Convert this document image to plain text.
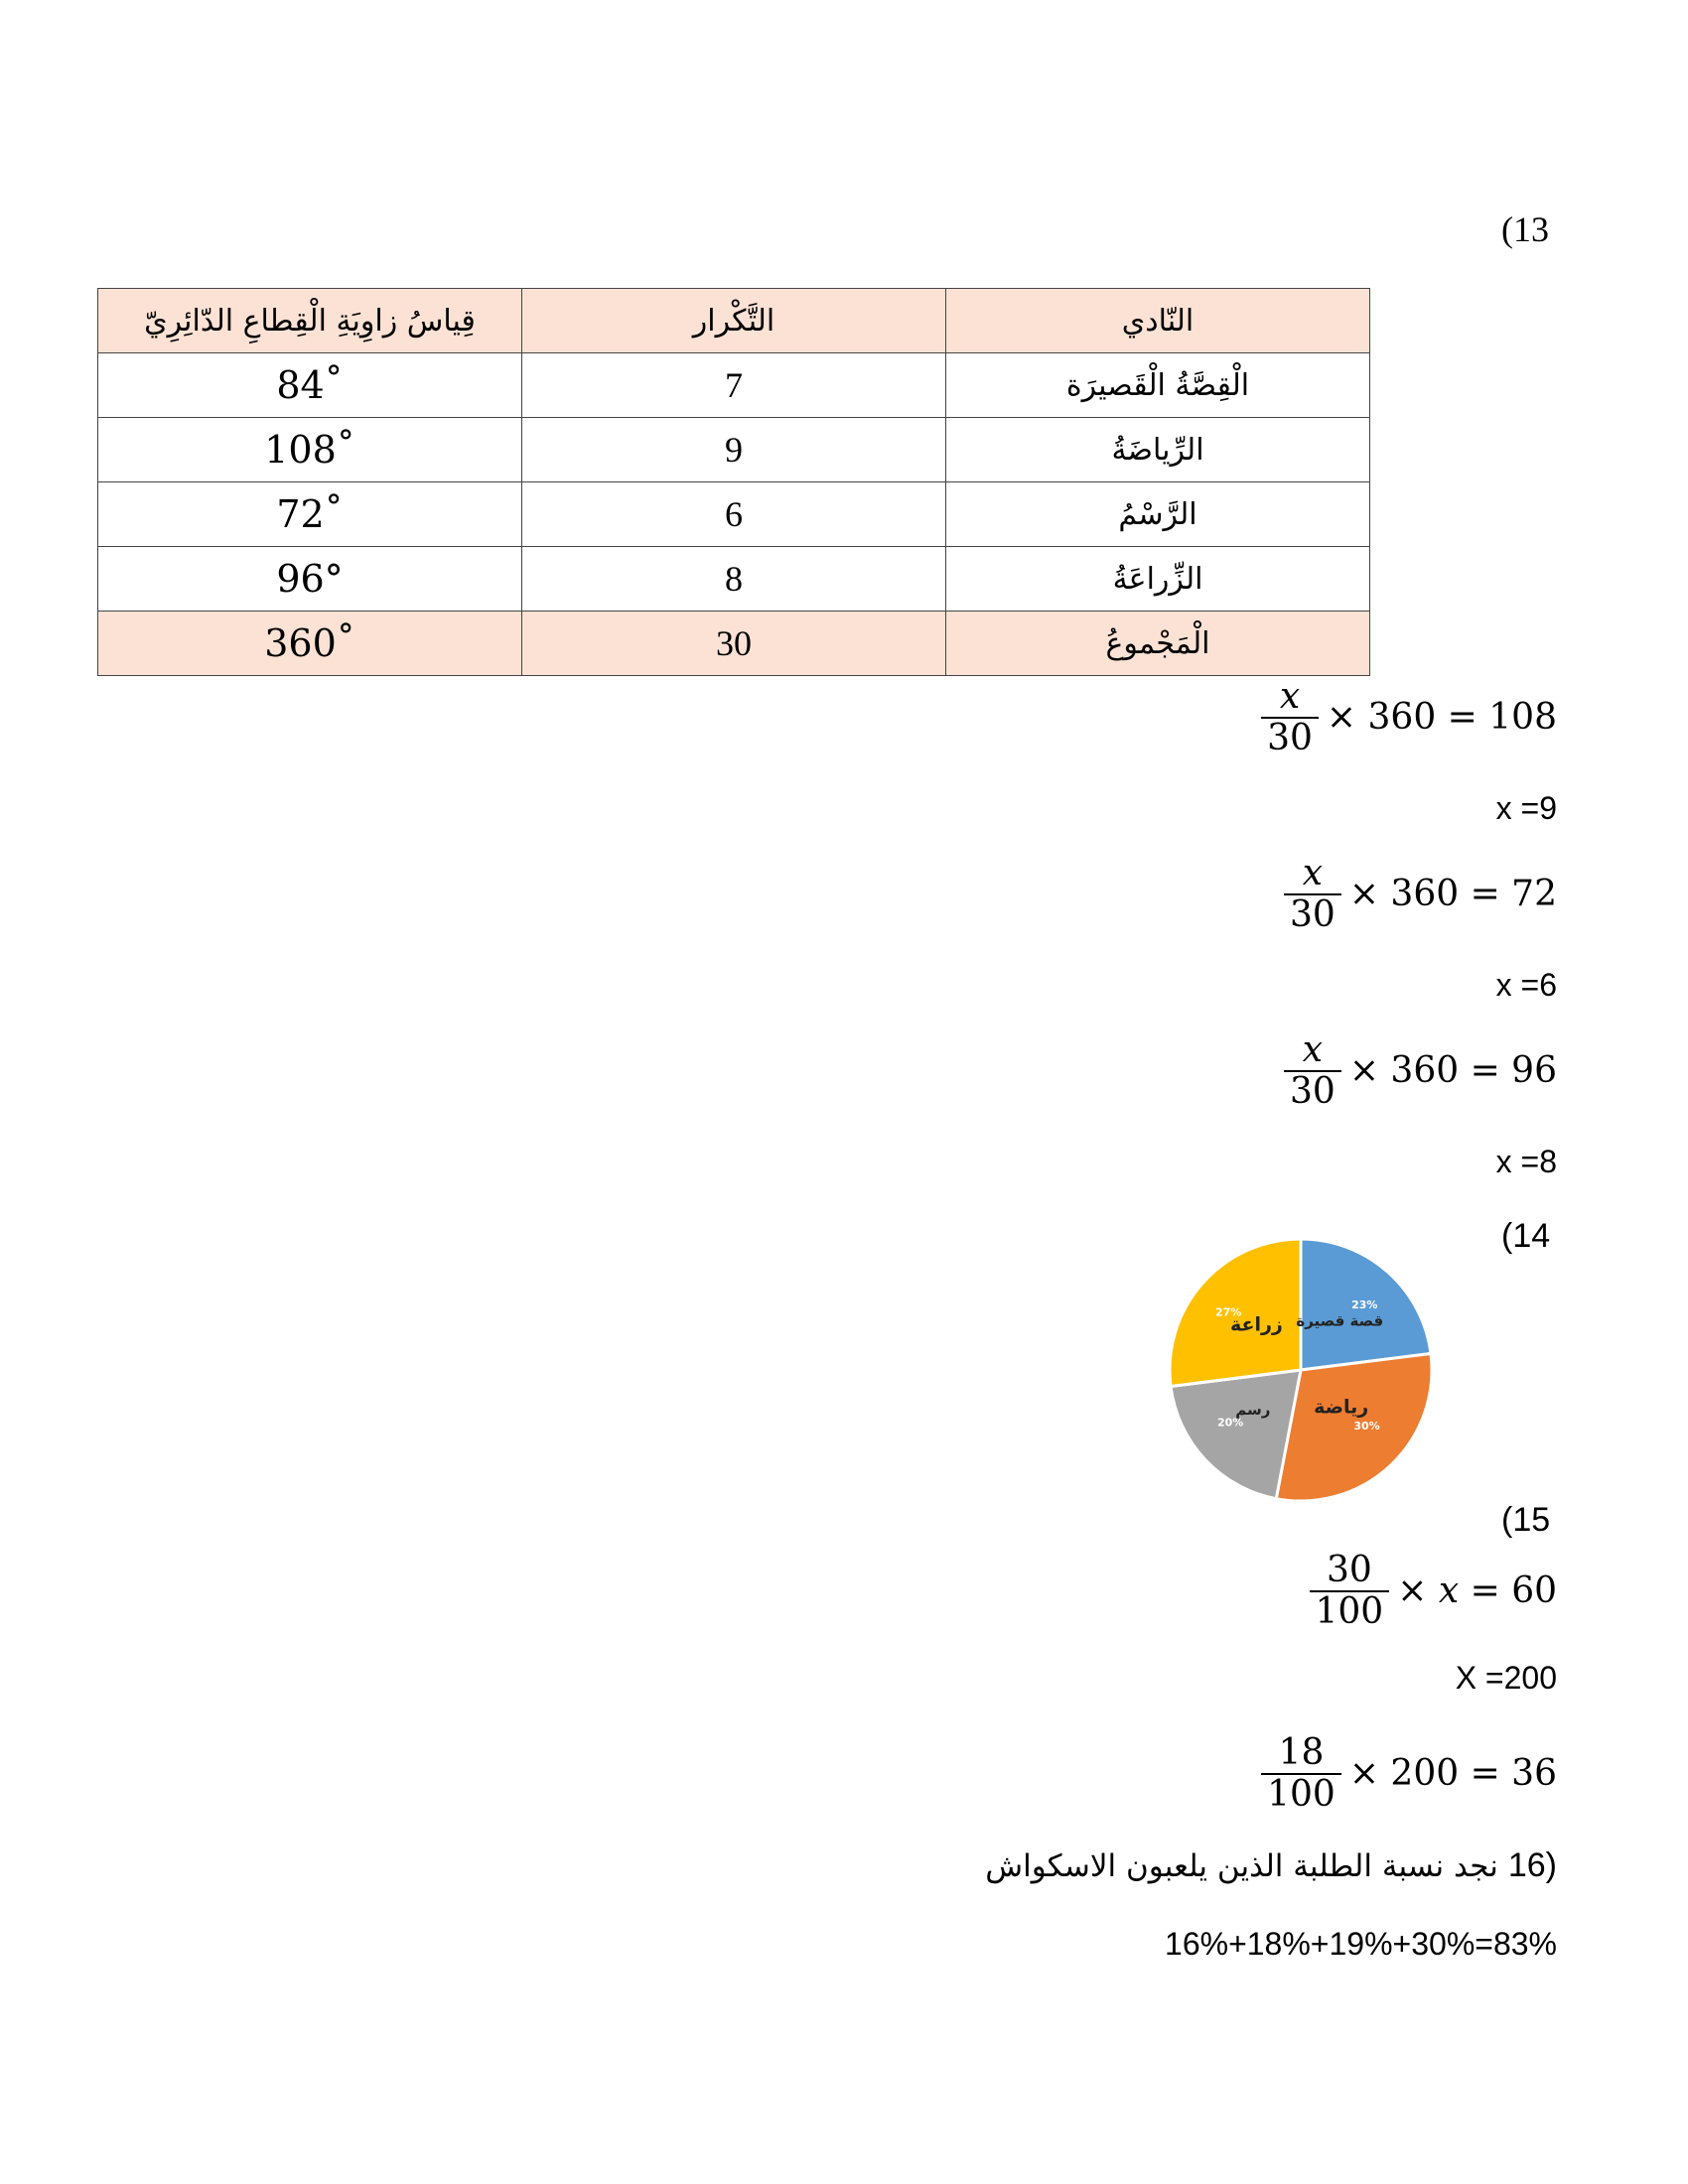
(13
قِياسُ زاوِيَةِ الْقِطاعِ الدّائِرِيّ	التَّكْرار	النّادي
84˚	7	الْقِصَّةُ الْقَصيرَة
108˚	9	الرِّياضَةُ
72˚	6	الرَّسْمُ
96°	8	الزِّراعَةُ
360˚	30	الْمَجْموعُ
$\frac{x}{30} \times 360 = 108$
x =9
$\frac{x}{30} \times 360 = 72$
x =6
$\frac{x}{30} \times 360 = 96$
x =8
(14
قصة قصيرة
23%
رياضة
30%
رسم
20%
زراعة
27%
(15
$\frac{30}{100} \times x = 60$
X =200
$\frac{18}{100} \times 200 = 36$
نجد نسبة الطلبة الذين يلعبون الاسكواش 16)
16%+18%+19%+30%=83%
